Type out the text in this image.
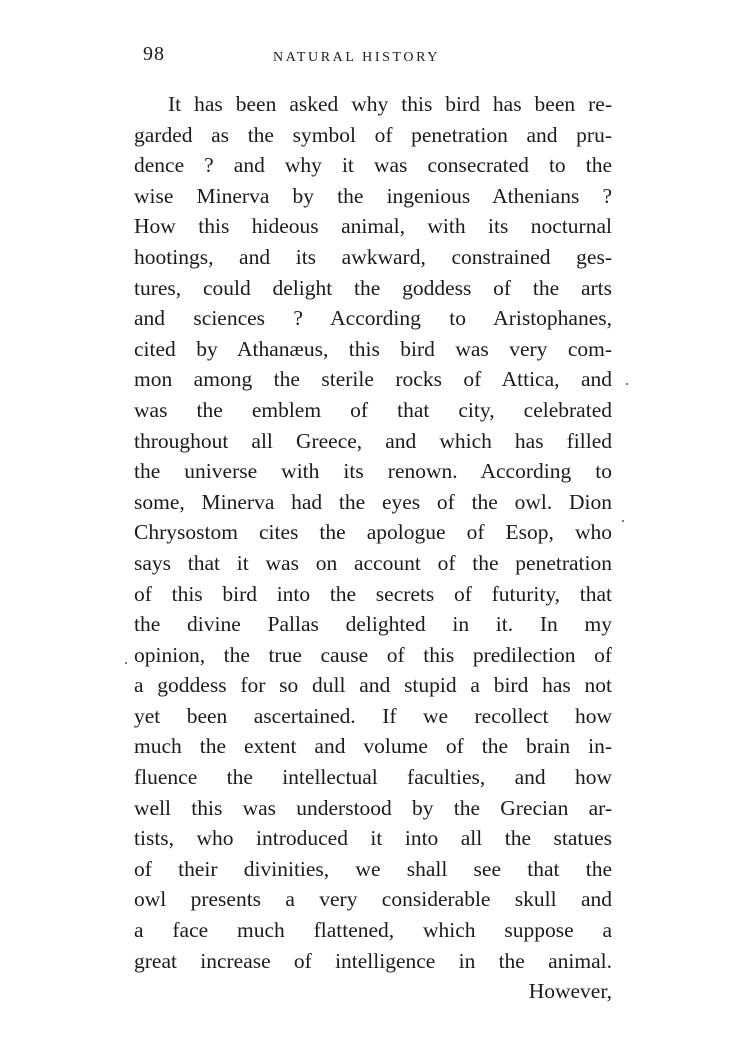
98	NATURAL HISTORY
It has been asked why this bird has been re-
garded as the symbol of penetration and pru-
dence ? and why it was consecrated to the
wise Minerva by the ingenious Athenians ?
How this hideous animal, with its nocturnal
hootings, and its awkward, constrained ges-
tures, could delight the goddess of the arts
and sciences ? According to Aristophanes,
cited by Athanæus, this bird was very com-
mon among the sterile rocks of Attica, and
was the emblem of that city, celebrated
throughout all Greece, and which has filled
the universe with its renown. According to
some, Minerva had the eyes of the owl. Dion
Chrysostom cites the apologue of Esop, who
says that it was on account of the penetration
of this bird into the secrets of futurity, that
the divine Pallas delighted in it. In my
opinion, the true cause of this predilection of
a goddess for so dull and stupid a bird has not
yet been ascertained. If we recollect how
much the extent and volume of the brain in-
fluence the intellectual faculties, and how
well this was understood by the Grecian ar-
tists, who introduced it into all the statues
of their divinities, we shall see that the
owl presents a very considerable skull and
a face much flattened, which suppose a
great increase of intelligence in the animal.
However,
